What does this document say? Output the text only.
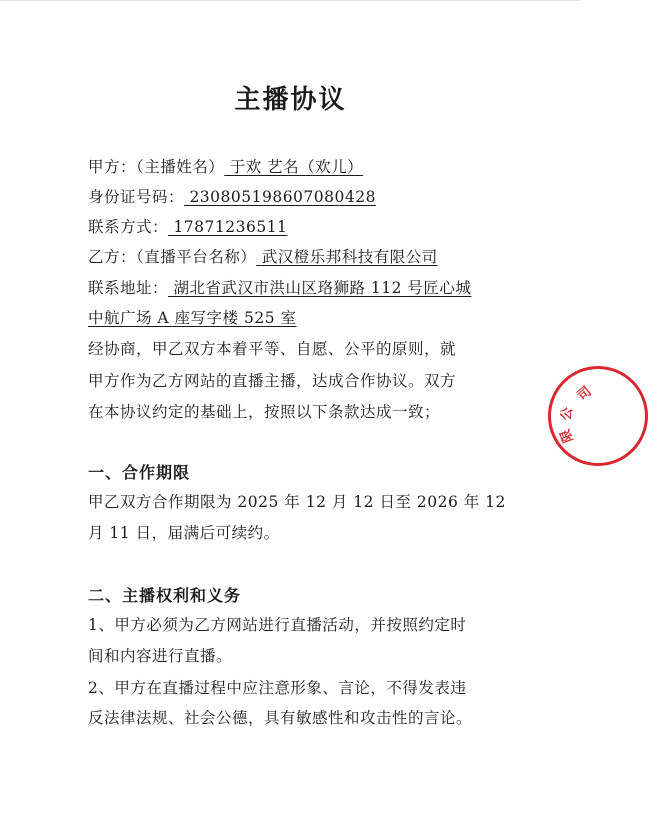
主播协议
甲方：（主播姓名） 于欢 艺名（欢儿）
身份证号码： 230805198607080428
联系方式： 17871236511
乙方：（直播平台名称） 武汉橙乐邦科技有限公司
联系地址： 湖北省武汉市洪山区珞狮路 112 号匠心城
中航广场 A 座写字楼 525 室
经协商，甲乙双方本着平等、自愿、公平的原则，就
甲方作为乙方网站的直播主播，达成合作协议。双方
在本协议约定的基础上，按照以下条款达成一致；
一、合作期限
甲乙双方合作期限为 2025 年 12 月 12 日至 2026 年 12
月 11 日，届满后可续约。
二、主播权利和义务
1、甲方必须为乙方网站进行直播活动，并按照约定时
间和内容进行直播。
2、甲方在直播过程中应注意形象、言论，不得发表违
反法律法规、社会公德，具有敏感性和攻击性的言论。
司
限
公
